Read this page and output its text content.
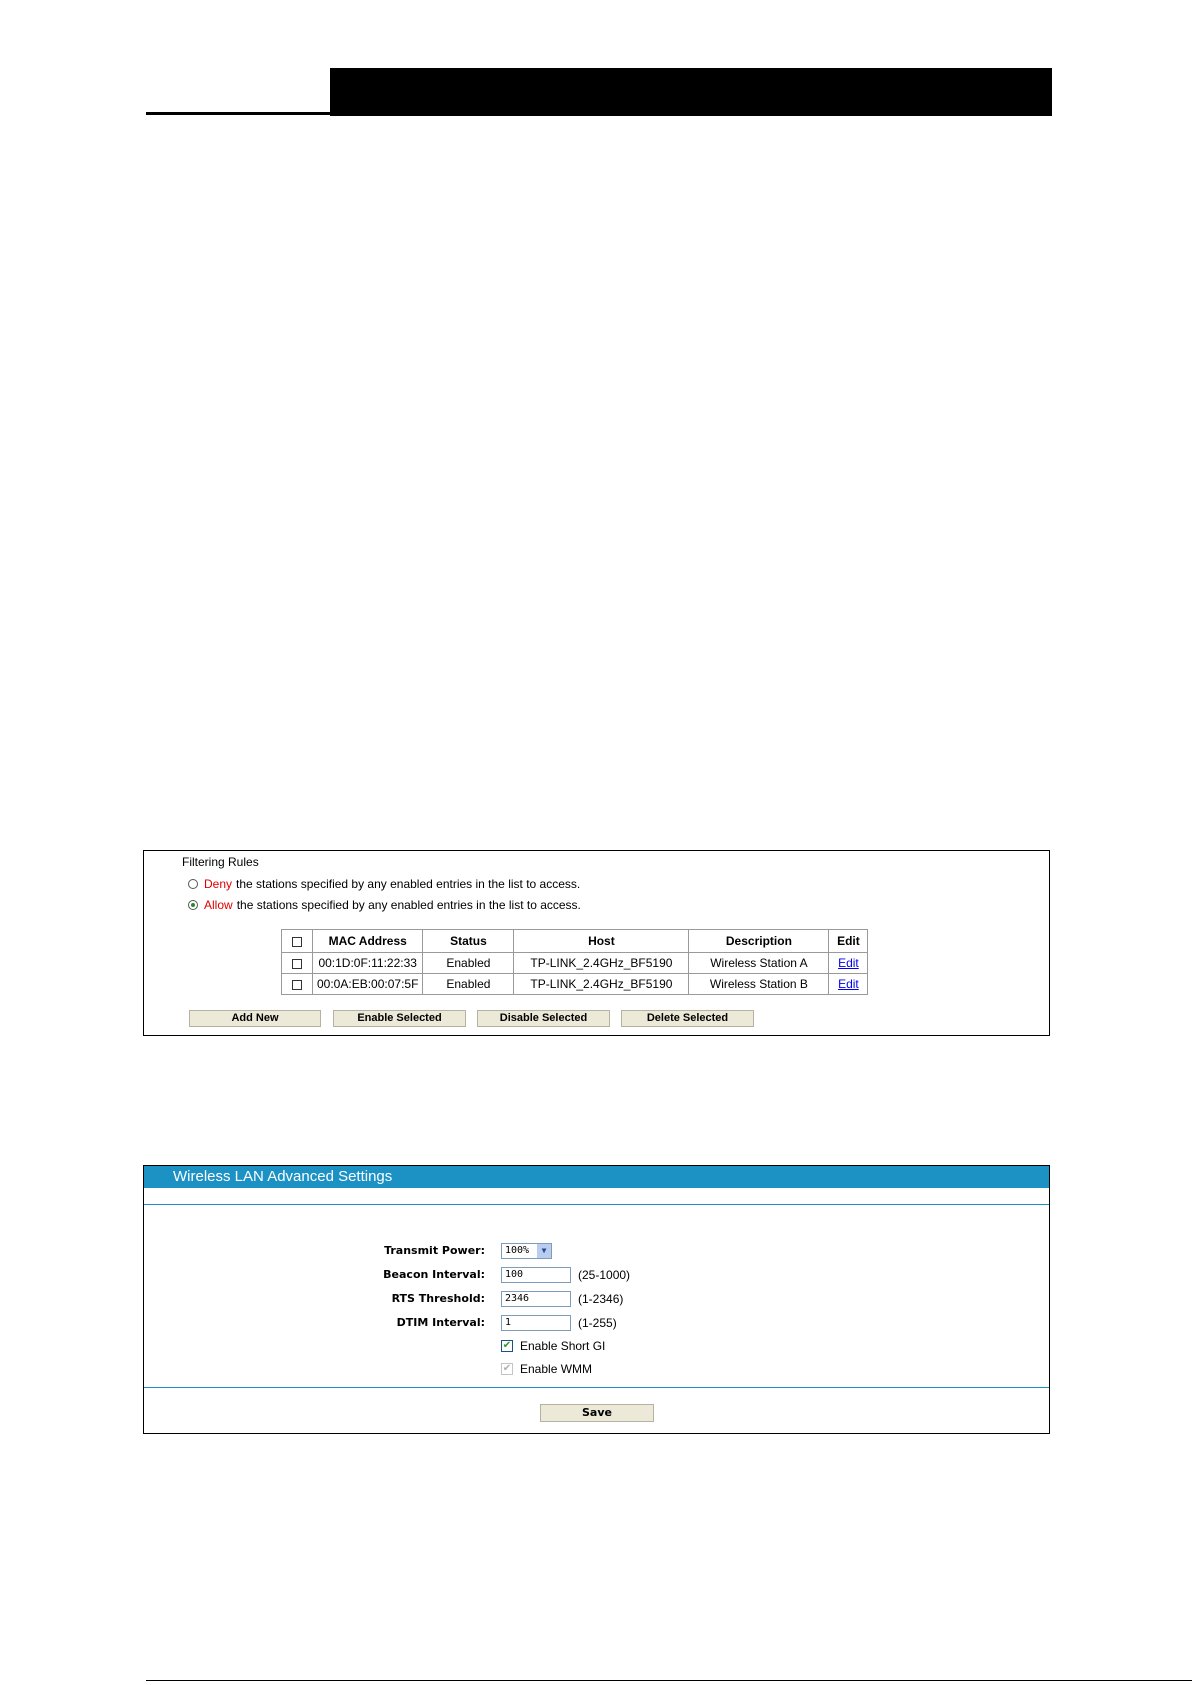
Filtering Rules
Deny the stations specified by any enabled entries in the list to access.
Allow the stations specified by any enabled entries in the list to access.
	MAC Address	Status	Host	Description	Edit
	00:1D:0F:11:22:33	Enabled	TP-LINK_2.4GHz_BF5190	Wireless Station A	Edit
	00:0A:EB:00:07:5F	Enabled	TP-LINK_2.4GHz_BF5190	Wireless Station B	Edit
Add New	Enable Selected	Disable Selected	Delete Selected
Wireless LAN Advanced Settings
Transmit Power:	100%	▼
Beacon Interval:	100	(25-1000)
RTS Threshold:	2346	(1-2346)
DTIM Interval:	1	(1-255)
✔ Enable Short GI
✔ Enable WMM
Save
